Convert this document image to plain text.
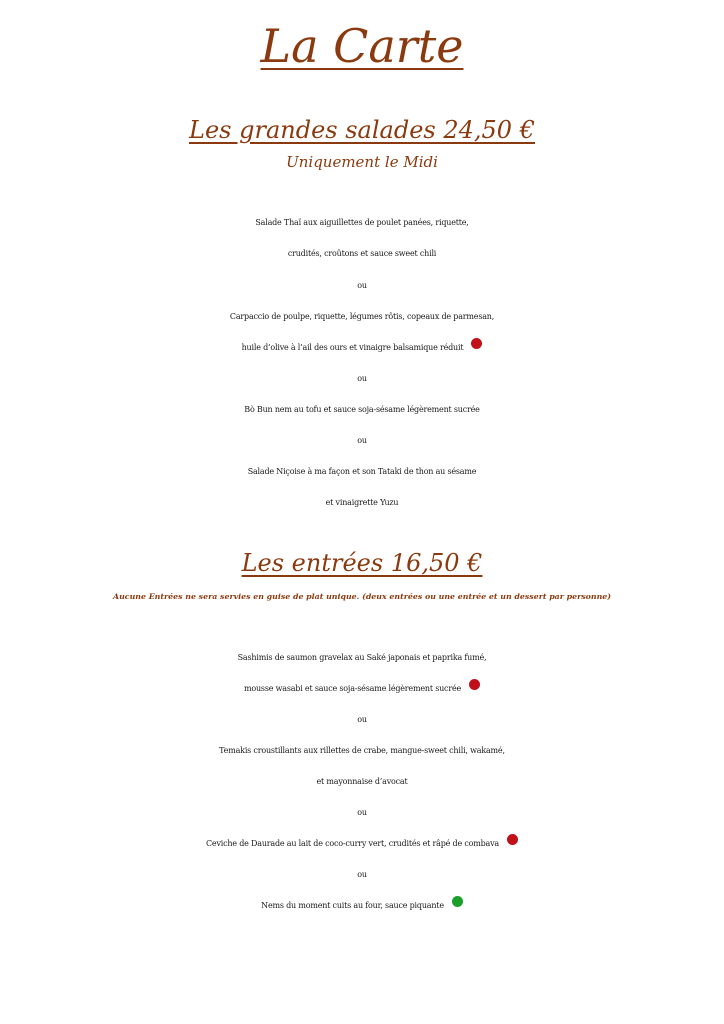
La Carte
Les grandes salades 24,50 €
Uniquement le Midi
Salade Thaï aux aiguillettes de poulet panées, riquette,
crudités, croûtons et sauce sweet chili
ou
Carpaccio de poulpe, riquette, légumes rôtis, copeaux de parmesan,
huile d’olive à l’ail des ours et vinaigre balsamique réduit
ou
Bò Bun nem au tofu et sauce soja-sésame légèrement sucrée
ou
Salade Niçoise à ma façon et son Tataki de thon au sésame
et vinaigrette Yuzu
Les entrées 16,50 €
Aucune Entrées ne sera servies en guise de plat unique. (deux entrées ou une entrée et un dessert par personne)
Sashimis de saumon gravelax au Saké japonais et paprika fumé,
mousse wasabi et sauce soja-sésame légèrement sucrée
ou
Temakis croustillants aux rillettes de crabe, mangue-sweet chili, wakamé,
et mayonnaise d’avocat
ou
Ceviche de Daurade au lait de coco-curry vert, crudités et râpé de combava
ou
Nems du moment cuits au four, sauce piquante
